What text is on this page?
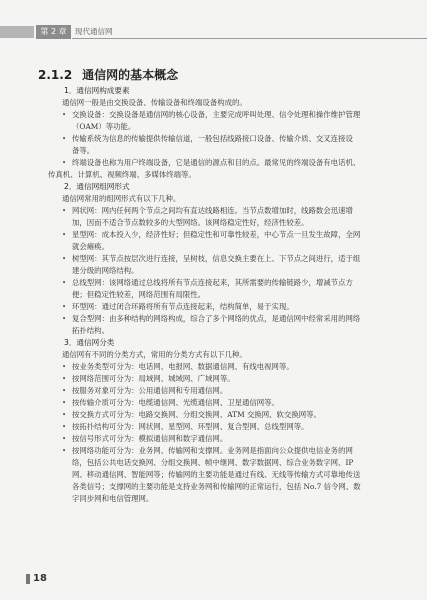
第 2 章	现代通信网
2.1.2 通信网的基本概念
1．通信网构成要素
通信网一般是由交换设备、传输设备和终端设备构成的。
• 交换设备：交换设备是通信网的核心设备，主要完成呼叫处理、信令处理和操作维护管理
（OAM）等功能。
• 传输系统为信息的传输提供传输信道，一般包括线路接口设备、传输介质、交叉连接设
备等。
• 终端设备也称为用户终端设备，它是通信的源点和目的点。最常见的终端设备有电话机、
传真机、计算机、视频终端、多媒体终端等。
2．通信网组网形式
通信网常用的组网形式有以下几种。
• 网状网：网内任何两个节点之间均有直达线路相连。当节点数增加时，线路数会迅速增
加，因而不适合节点数较多的大型网络。该网络稳定性好，经济性较差。
• 星型网：成本投入少，经济性好；但稳定性和可靠性较差，中心节点一旦发生故障，全网
就会瘫痪。
• 树型网：其节点按层次进行连接，呈树枝，信息交换主要在上、下节点之间进行，适于组
建分级的网络结构。
• 总线型网：该网络通过总线将所有节点连接起来，其所需要的传输链路少，增减节点方
便；但稳定性较差，网络范围有局限性。
• 环型网：通过闭合环路将所有节点连接起来，结构简单，易于实现。
• 复合型网：由多种结构的网络构成，综合了多个网络的优点，是通信网中经常采用的网络
拓扑结构。
3．通信网分类
通信网有不同的分类方式，常用的分类方式有以下几种。
• 按业务类型可分为：电话网、电报网、数据通信网、有线电视网等。
• 按网络范围可分为：局域网、城域网、广域网等。
• 按服务对象可分为：公用通信网和专用通信网。
• 按传输介质可分为：电缆通信网、光缆通信网、卫星通信网等。
• 按交换方式可分为：电路交换网、分组交换网、ATM 交换网、软交换网等。
• 按拓扑结构可分为：网状网、星型网、环型网、复合型网、总线型网等。
• 按信号形式可分为：模拟通信网和数字通信网。
• 按网络功能可分为：业务网、传输网和支撑网。业务网是指面向公众提供电信业务的网
络，包括公共电话交换网、分组交换网、帧中继网、数字数据网、综合业务数字网、IP
网、移动通信网、智能网等；传输网的主要功能是通过有线、无线等传输方式可靠地传送
各类信号；支撑网的主要功能是支持业务网和传输网的正常运行，包括 No.7 信令网、数
字同步网和电信管理网。
18
